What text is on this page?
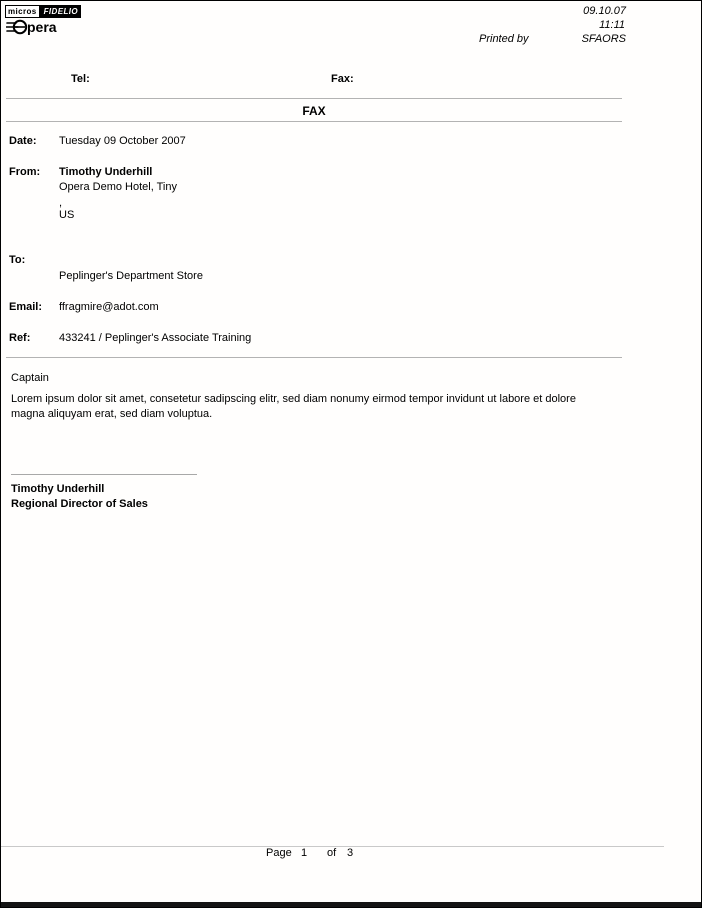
micros FIDELIO
pera
09.10.07
11:11
Printed by	SFAORS
Tel:	Fax:
FAX
Date: Tuesday 09 October 2007
From: Timothy Underhill
Opera Demo Hotel, Tiny
,
US
To:
Peplinger's Department Store
Email: ffragmire@adot.com
Ref:	433241 / Peplinger's Associate Training
Captain
Lorem ipsum dolor sit amet, consetetur sadipscing elitr, sed diam nonumy eirmod tempor invidunt ut labore et dolore magna aliquyam erat, sed diam voluptua.
Timothy Underhill
Regional Director of Sales
Page 1 of 3
